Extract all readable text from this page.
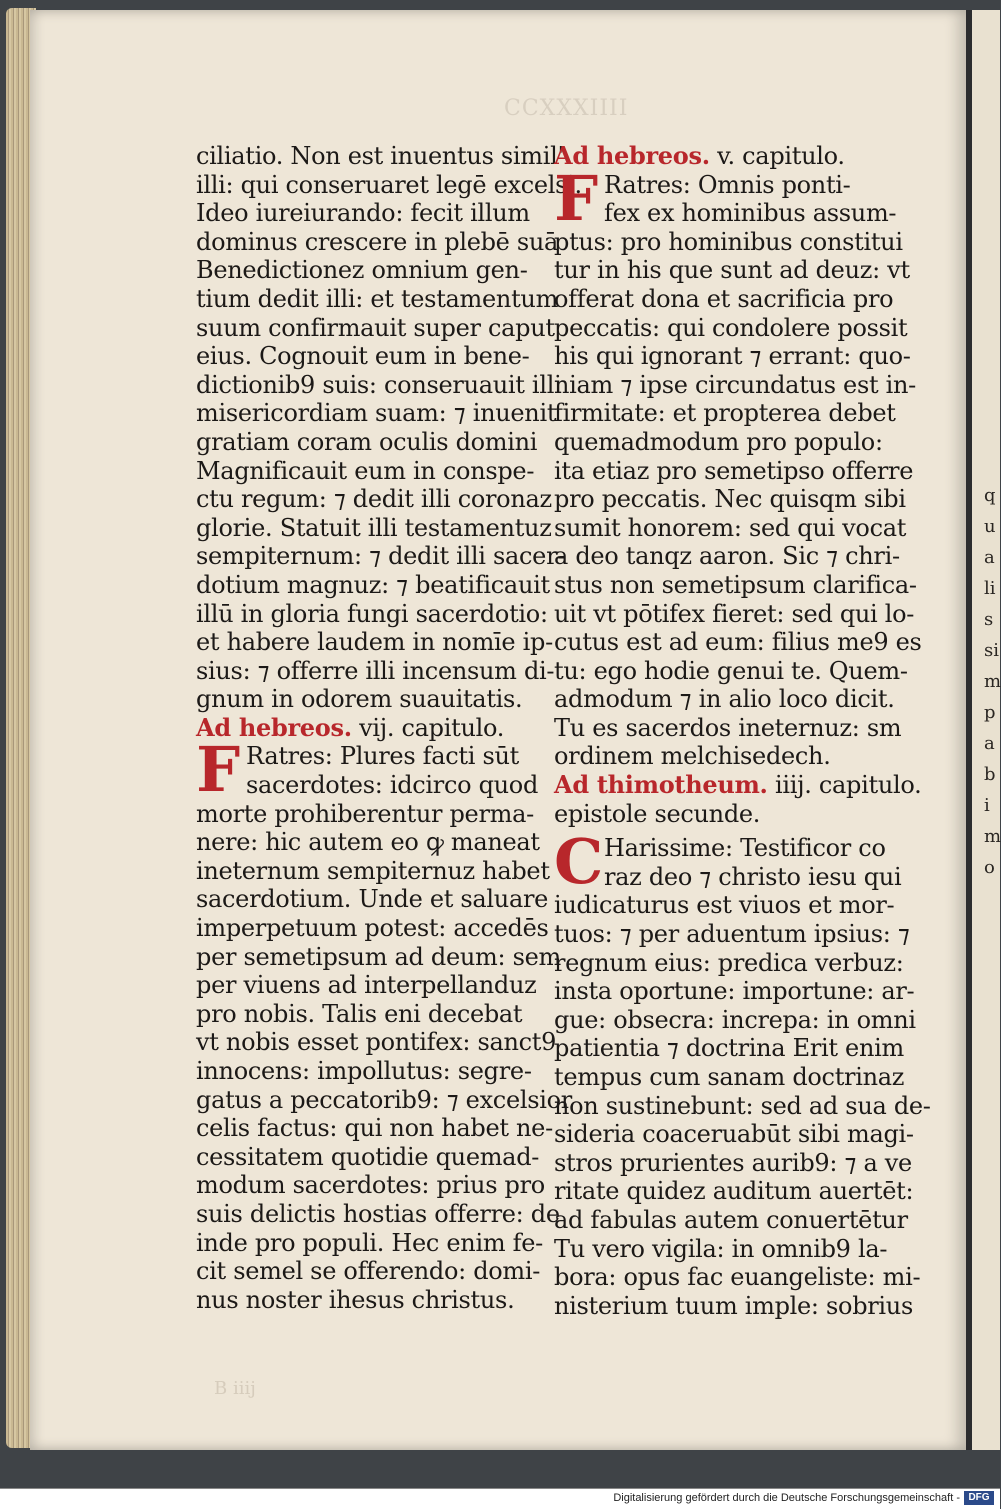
qualis sim pa bi mo
CCXXXIIII
ciliatio. Non est inuentus simil'
illi: qui conseruaret legē excelsi.
Ideo iureiurando: fecit illum
dominus crescere in plebē suā
Benedictionez omnium gen-
tium dedit illi: et testamentum
suum confirmauit super caput
eius. Cognouit eum in bene-
dictionib9 suis: conseruauit illi
misericordiam suam: ⁊ inuenit
gratiam coram oculis domini
Magnificauit eum in conspe-
ctu regum: ⁊ dedit illi coronaz
glorie. Statuit illi testamentuz
sempiternum: ⁊ dedit illi sacer-
dotium magnuz: ⁊ beatificauit
illū in gloria fungi sacerdotio:
et habere laudem in nomīe ip-
sius: ⁊ offerre illi incensum di-
gnum in odorem suauitatis.
Ad hebreos. vij. capitulo.
F Ratres: Plures facti sūt
sacerdotes: idcirco quod
morte prohiberentur perma-
nere: hic autem eo ꝙ maneat
ineternum sempiternuz habet
sacerdotium. Unde et saluare
imperpetuum potest: accedēs
per semetipsum ad deum: sem
per viuens ad interpellanduz
pro nobis. Talis eni decebat
vt nobis esset pontifex: sanct9
innocens: impollutus: segre-
gatus a peccatorib9: ⁊ excelsior
celis factus: qui non habet ne-
cessitatem quotidie quemad-
modum sacerdotes: prius pro
suis delictis hostias offerre: de
inde pro populi. Hec enim fe-
cit semel se offerendo: domi-
nus noster ihesus christus.
Ad hebreos. v. capitulo.
F Ratres: Omnis ponti-
fex ex hominibus assum-
ptus: pro hominibus constitui
tur in his que sunt ad deuz: vt
offerat dona et sacrificia pro
peccatis: qui condolere possit
his qui ignorant ⁊ errant: quo-
niam ⁊ ipse circundatus est in-
firmitate: et propterea debet
quemadmodum pro populo:
ita etiaz pro semetipso offerre
pro peccatis. Nec quisqm sibi
sumit honorem: sed qui vocat
a deo tanqz aaron. Sic ⁊ chri-
stus non semetipsum clarifica-
uit vt pōtifex fieret: sed qui lo-
cutus est ad eum: filius me9 es
tu: ego hodie genui te. Quem-
admodum ⁊ in alio loco dicit.
Tu es sacerdos ineternuz: sm
ordinem melchisedech.
Ad thimotheum. iiij. capitulo.
epistole secunde.
C Harissime: Testificor co
raz deo ⁊ christo iesu qui
iudicaturus est viuos et mor-
tuos: ⁊ per aduentum ipsius: ⁊
regnum eius: predica verbuz:
insta oportune: importune: ar-
gue: obsecra: increpa: in omni
patientia ⁊ doctrina Erit enim
tempus cum sanam doctrinaz
non sustinebunt: sed ad sua de-
sideria coaceruabūt sibi magi-
stros prurientes aurib9: ⁊ a ve
ritate quidez auditum auertēt:
ad fabulas autem conuertētur
Tu vero vigila: in omnib9 la-
bora: opus fac euangeliste: mi-
nisterium tuum imple: sobrius
B iiij
Digitalisierung gefördert durch die Deutsche Forschungsgemeinschaft - DFG
